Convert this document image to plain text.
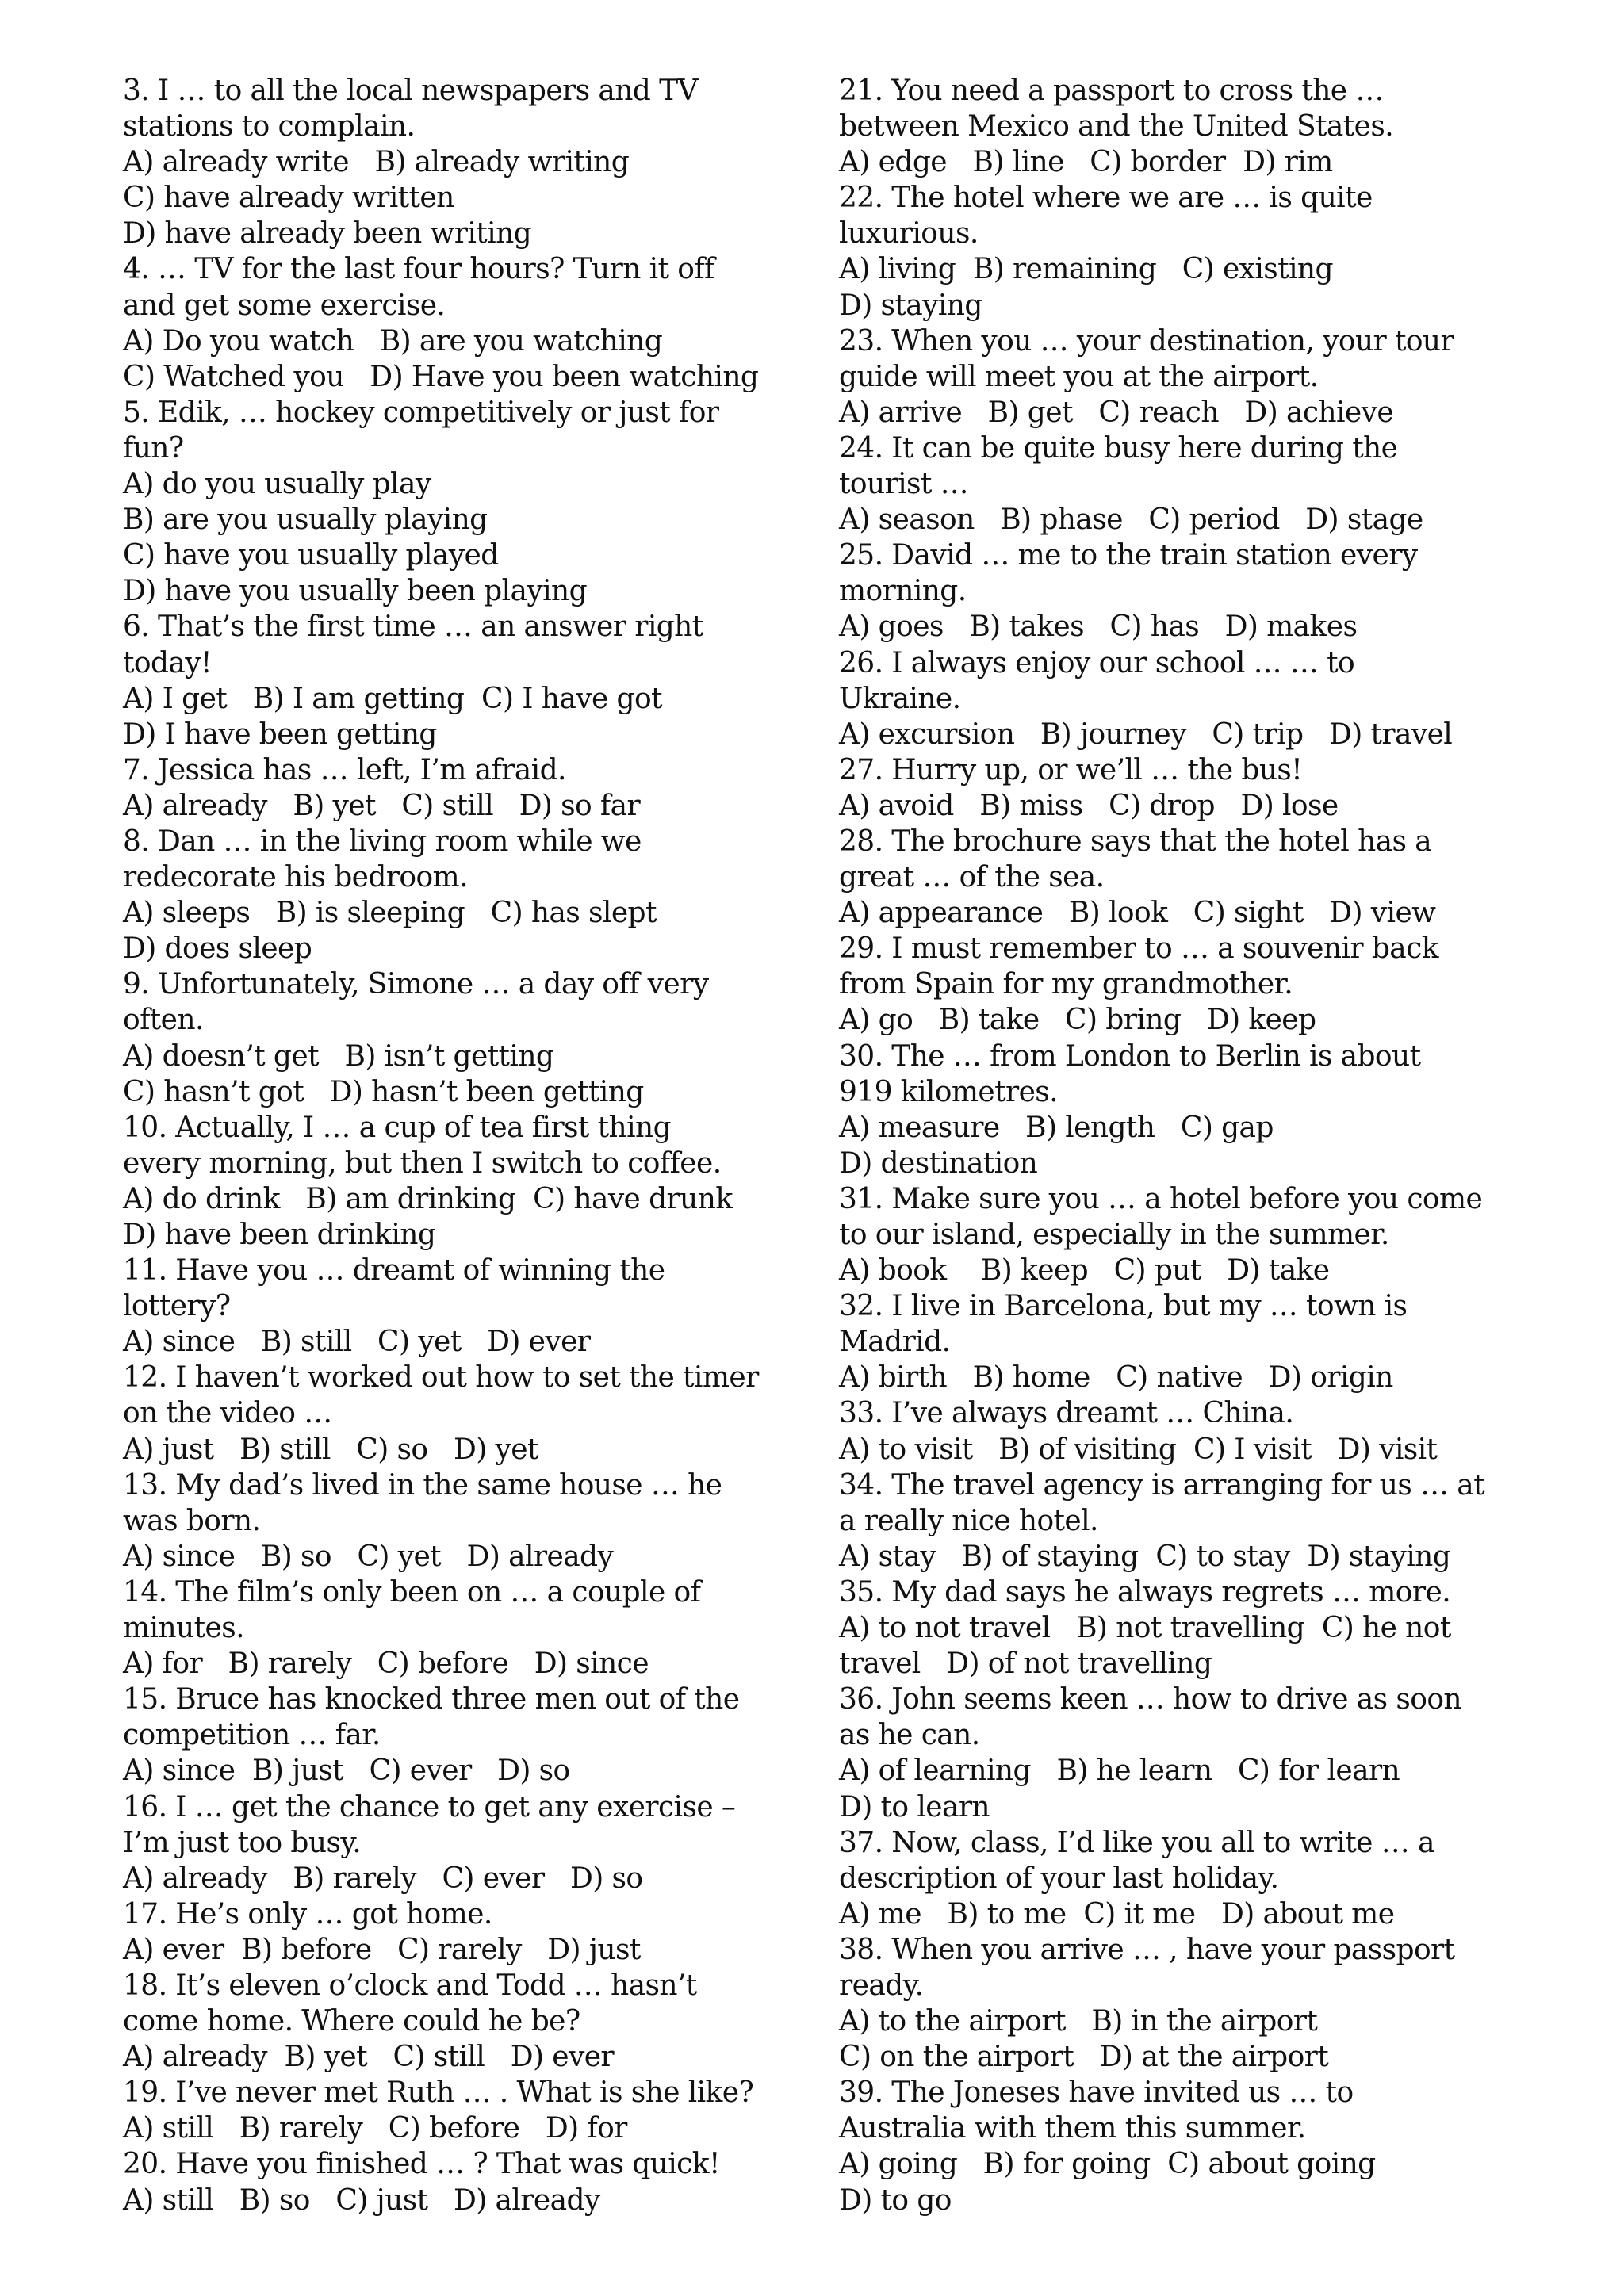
3. I … to all the local newspapers and TV
stations to complain.
A) already write   B) already writing
C) have already written
D) have already been writing
4. … TV for the last four hours? Turn it off
and get some exercise.
A) Do you watch   B) are you watching
C) Watched you   D) Have you been watching
5. Edik, … hockey competitively or just for
fun?
A) do you usually play
B) are you usually playing
C) have you usually played
D) have you usually been playing
6. That’s the first time … an answer right
today!
A) I get   B) I am getting  C) I have got
D) I have been getting
7. Jessica has … left, I’m afraid.
A) already   B) yet   C) still   D) so far
8. Dan … in the living room while we
redecorate his bedroom.
A) sleeps   B) is sleeping   C) has slept
D) does sleep
9. Unfortunately, Simone … a day off very
often.
A) doesn’t get   B) isn’t getting
C) hasn’t got   D) hasn’t been getting
10. Actually, I … a cup of tea first thing
every morning, but then I switch to coffee.
A) do drink   B) am drinking  C) have drunk
D) have been drinking
11. Have you … dreamt of winning the
lottery?
A) since   B) still   C) yet   D) ever
12. I haven’t worked out how to set the timer
on the video …
A) just   B) still   C) so   D) yet
13. My dad’s lived in the same house … he
was born.
A) since   B) so   C) yet   D) already
14. The film’s only been on … a couple of
minutes.
A) for   B) rarely   C) before   D) since
15. Bruce has knocked three men out of the
competition … far.
A) since  B) just   C) ever   D) so
16. I … get the chance to get any exercise –
I’m just too busy.
A) already   B) rarely   C) ever   D) so
17. He’s only … got home.
A) ever  B) before   C) rarely   D) just
18. It’s eleven o’clock and Todd … hasn’t
come home. Where could he be?
A) already  B) yet   C) still   D) ever
19. I’ve never met Ruth … . What is she like?
A) still   B) rarely   C) before   D) for
20. Have you finished … ? That was quick!
A) still   B) so   C) just   D) already
21. You need a passport to cross the …
between Mexico and the United States.
A) edge   B) line   C) border  D) rim
22. The hotel where we are … is quite
luxurious.
A) living  B) remaining   C) existing
D) staying
23. When you … your destination, your tour
guide will meet you at the airport.
A) arrive   B) get   C) reach   D) achieve
24. It can be quite busy here during the
tourist …
A) season   B) phase   C) period   D) stage
25. David … me to the train station every
morning.
A) goes   B) takes   C) has   D) makes
26. I always enjoy our school … … to
Ukraine.
A) excursion   B) journey   C) trip   D) travel
27. Hurry up, or we’ll … the bus!
A) avoid   B) miss   C) drop   D) lose
28. The brochure says that the hotel has a
great … of the sea.
A) appearance   B) look   C) sight   D) view
29. I must remember to … a souvenir back
from Spain for my grandmother.
A) go   B) take   C) bring   D) keep
30. The … from London to Berlin is about
919 kilometres.
A) measure   B) length   C) gap
D) destination
31. Make sure you … a hotel before you come
to our island, especially in the summer.
A) book    B) keep   C) put   D) take
32. I live in Barcelona, but my … town is
Madrid.
A) birth   B) home   C) native   D) origin
33. I’ve always dreamt … China.
A) to visit   B) of visiting  C) I visit   D) visit
34. The travel agency is arranging for us … at
a really nice hotel.
A) stay   B) of staying  C) to stay  D) staying
35. My dad says he always regrets … more.
A) to not travel   B) not travelling  C) he not
travel   D) of not travelling
36. John seems keen … how to drive as soon
as he can.
A) of learning   B) he learn   C) for learn
D) to learn
37. Now, class, I’d like you all to write … a
description of your last holiday.
A) me   B) to me  C) it me   D) about me
38. When you arrive … , have your passport
ready.
A) to the airport   B) in the airport
C) on the airport   D) at the airport
39. The Joneses have invited us … to
Australia with them this summer.
A) going   B) for going  C) about going
D) to go
